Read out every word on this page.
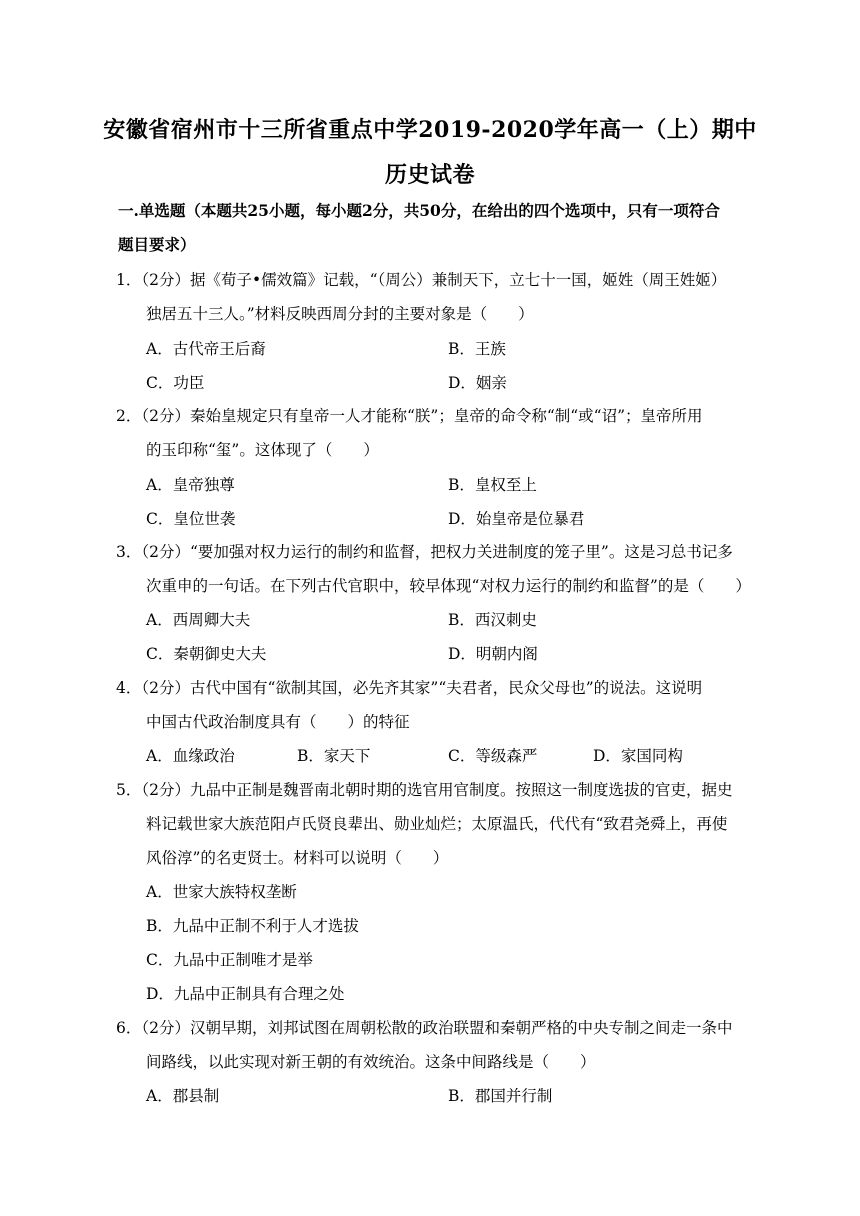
安徽省宿州市十三所省重点中学2019-2020学年高一（上）期中
历史试卷
一.单选题（本题共25小题，每小题2分，共50分，在给出的四个选项中，只有一项符合
题目要求）
1．（2分）据《荀子•儒效篇》记载，“（周公）兼制天下，立七十一国，姬姓（周王姓姬）
独居五十三人。”材料反映西周分封的主要对象是（　　）
A．古代帝王后裔	B．王族
C．功臣	D．姻亲
2．（2分）秦始皇规定只有皇帝一人才能称“朕”；皇帝的命令称“制“或“诏”；皇帝所用
的玉印称“玺”。这体现了（　　）
A．皇帝独尊	B．皇权至上
C．皇位世袭	D．始皇帝是位暴君
3．（2分）“要加强对权力运行的制约和监督，把权力关进制度的笼子里”。这是习总书记多
次重申的一句话。在下列古代官职中，较早体现“对权力运行的制约和监督”的是（　　）
A．西周卿大夫	B．西汉刺史
C．秦朝御史大夫	D．明朝内阁
4．（2分）古代中国有“欲制其国，必先齐其家”“夫君者，民众父母也”的说法。这说明
中国古代政治制度具有（　　）的特征
A．血缘政治	B．家天下	C．等级森严	D．家国同构
5．（2分）九品中正制是魏晋南北朝时期的选官用官制度。按照这一制度选拔的官吏，据史
料记载世家大族范阳卢氏贤良辈出、勋业灿烂；太原温氏，代代有“致君尧舜上，再使
风俗淳”的名吏贤士。材料可以说明（　　）
A．世家大族特权垄断
B．九品中正制不利于人才选拔
C．九品中正制唯才是举
D．九品中正制具有合理之处
6．（2分）汉朝早期，刘邦试图在周朝松散的政治联盟和秦朝严格的中央专制之间走一条中
间路线，以此实现对新王朝的有效统治。这条中间路线是（　　）
A．郡县制	B．郡国并行制
